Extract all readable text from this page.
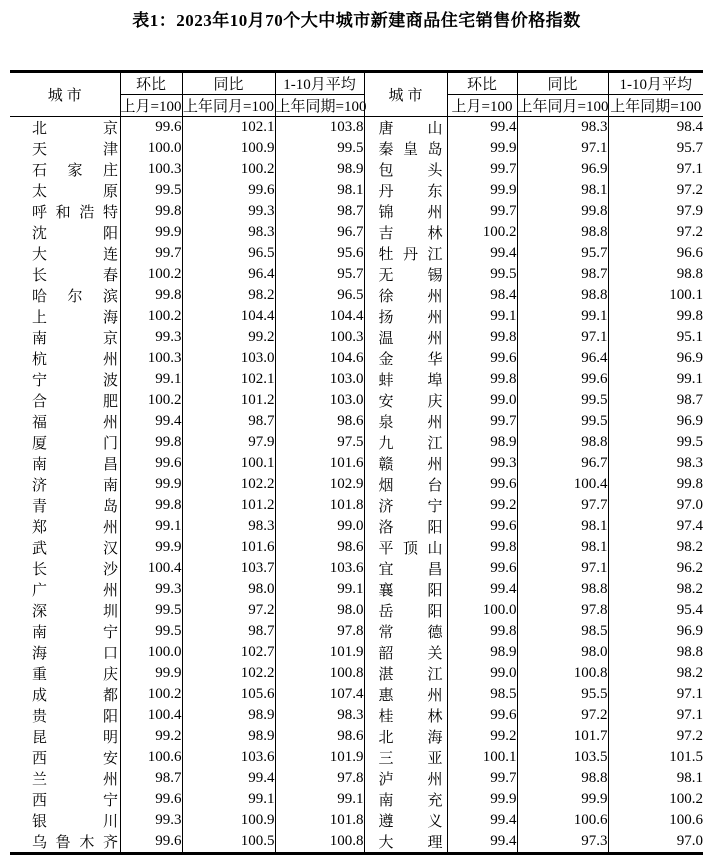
表1：2023年10月70个大中城市新建商品住宅销售价格指数
城市	环比	同比	1-10月平均	城市	环比	同比	1-10月平均
	上月=100	上年同月=100	上年同期=100		上月=100	上年同月=100	上年同期=100

北 京	99.6	102.1	103.8	唐 山	99.4	98.3	98.4

天 津	100.0	100.9	99.5	秦 皇 岛	99.9	97.1	95.7

石 家 庄	100.3	100.2	98.9	包 头	99.7	96.9	97.1

太 原	99.5	99.6	98.1	丹 东	99.9	98.1	97.2

呼 和 浩 特	99.8	99.3	98.7	锦 州	99.7	99.8	97.9

沈 阳	99.9	98.3	96.7	吉 林	100.2	98.8	97.2

大 连	99.7	96.5	95.6	牡 丹 江	99.4	95.7	96.6

长 春	100.2	96.4	95.7	无 锡	99.5	98.7	98.8

哈 尔 滨	99.8	98.2	96.5	徐 州	98.4	98.8	100.1

上 海	100.2	104.4	104.4	扬 州	99.1	99.1	99.8

南 京	99.3	99.2	100.3	温 州	99.8	97.1	95.1

杭 州	100.3	103.0	104.6	金 华	99.6	96.4	96.9

宁 波	99.1	102.1	103.0	蚌 埠	99.8	99.6	99.1

合 肥	100.2	101.2	103.0	安 庆	99.0	99.5	98.7

福 州	99.4	98.7	98.6	泉 州	99.7	99.5	96.9

厦 门	99.8	97.9	97.5	九 江	98.9	98.8	99.5

南 昌	99.6	100.1	101.6	赣 州	99.3	96.7	98.3

济 南	99.9	102.2	102.9	烟 台	99.6	100.4	99.8

青 岛	99.8	101.2	101.8	济 宁	99.2	97.7	97.0

郑 州	99.1	98.3	99.0	洛 阳	99.6	98.1	97.4

武 汉	99.9	101.6	98.6	平 顶 山	99.8	98.1	98.2

长 沙	100.4	103.7	103.6	宜 昌	99.6	97.1	96.2

广 州	99.3	98.0	99.1	襄 阳	99.4	98.8	98.2

深 圳	99.5	97.2	98.0	岳 阳	100.0	97.8	95.4

南 宁	99.5	98.7	97.8	常 德	99.8	98.5	96.9

海 口	100.0	102.7	101.9	韶 关	98.9	98.0	98.8

重 庆	99.9	102.2	100.8	湛 江	99.0	100.8	98.2

成 都	100.2	105.6	107.4	惠 州	98.5	95.5	97.1

贵 阳	100.4	98.9	98.3	桂 林	99.6	97.2	97.1

昆 明	99.2	98.9	98.6	北 海	99.2	101.7	97.2

西 安	100.6	103.6	101.9	三 亚	100.1	103.5	101.5

兰 州	98.7	99.4	97.8	泸 州	99.7	98.8	98.1

西 宁	99.6	99.1	99.1	南 充	99.9	99.9	100.2

银 川	99.3	100.9	101.8	遵 义	99.4	100.6	100.6

乌 鲁 木 齐	99.6	100.5	100.8	大 理	99.4	97.3	97.0
